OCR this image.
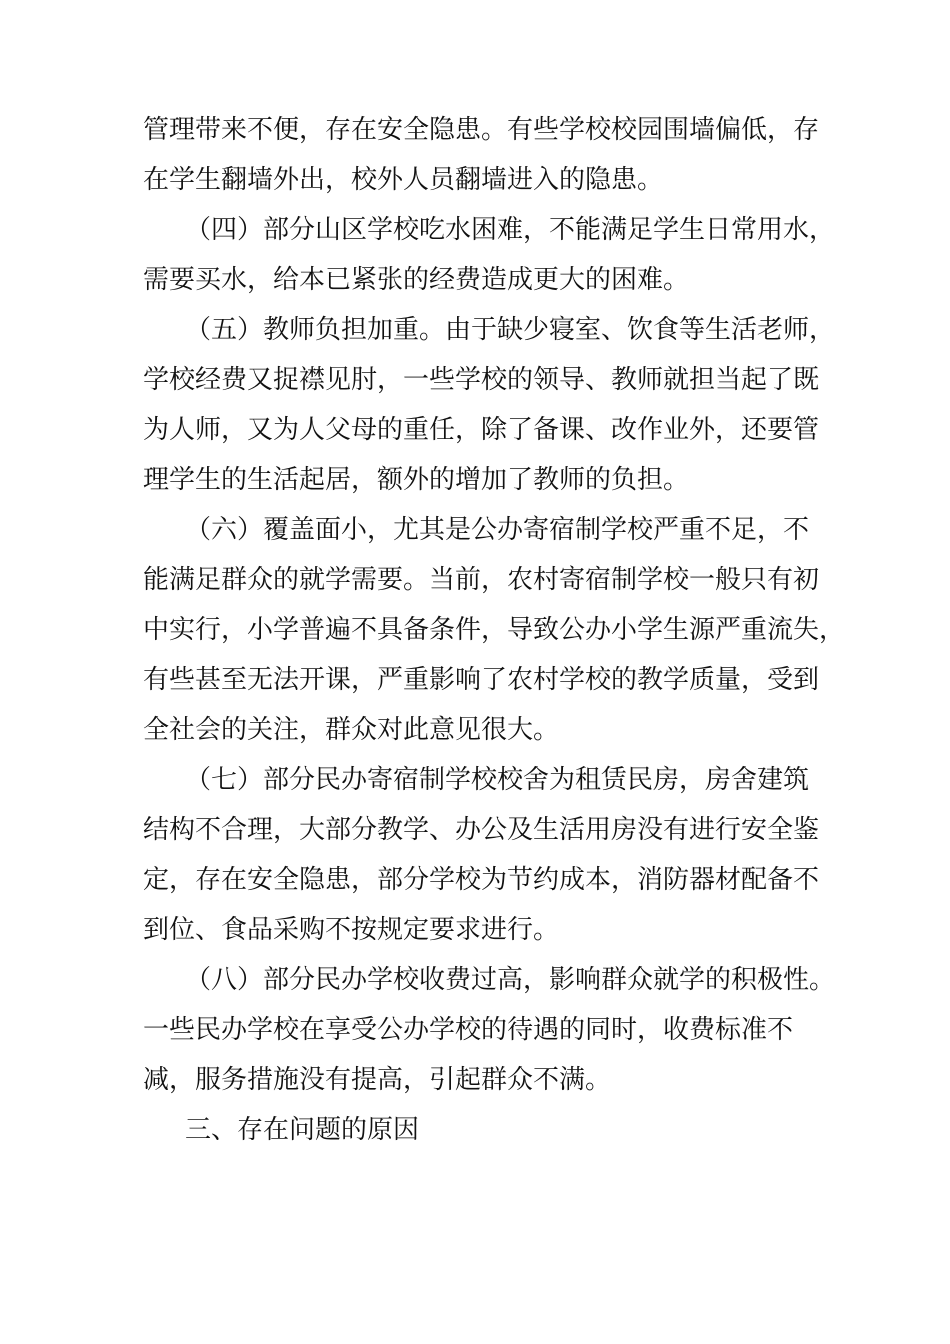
管理带来不便，存在安全隐患。有些学校校园围墙偏低，存

在学生翻墙外出，校外人员翻墙进入的隐患。

（四）部分山区学校吃水困难，不能满足学生日常用水，

需要买水，给本已紧张的经费造成更大的困难。

（五）教师负担加重。由于缺少寝室、饮食等生活老师，

学校经费又捉襟见肘，一些学校的领导、教师就担当起了既

为人师，又为人父母的重任，除了备课、改作业外，还要管

理学生的生活起居，额外的增加了教师的负担。

（六）覆盖面小，尤其是公办寄宿制学校严重不足，不

能满足群众的就学需要。当前，农村寄宿制学校一般只有初

中实行，小学普遍不具备条件，导致公办小学生源严重流失，

有些甚至无法开课，严重影响了农村学校的教学质量，受到

全社会的关注，群众对此意见很大。

（七）部分民办寄宿制学校校舍为租赁民房，房舍建筑

结构不合理，大部分教学、办公及生活用房没有进行安全鉴

定，存在安全隐患，部分学校为节约成本，消防器材配备不

到位、食品采购不按规定要求进行。

（八）部分民办学校收费过高，影响群众就学的积极性。

一些民办学校在享受公办学校的待遇的同时，收费标准不

减，服务措施没有提高，引起群众不满。

三、存在问题的原因
